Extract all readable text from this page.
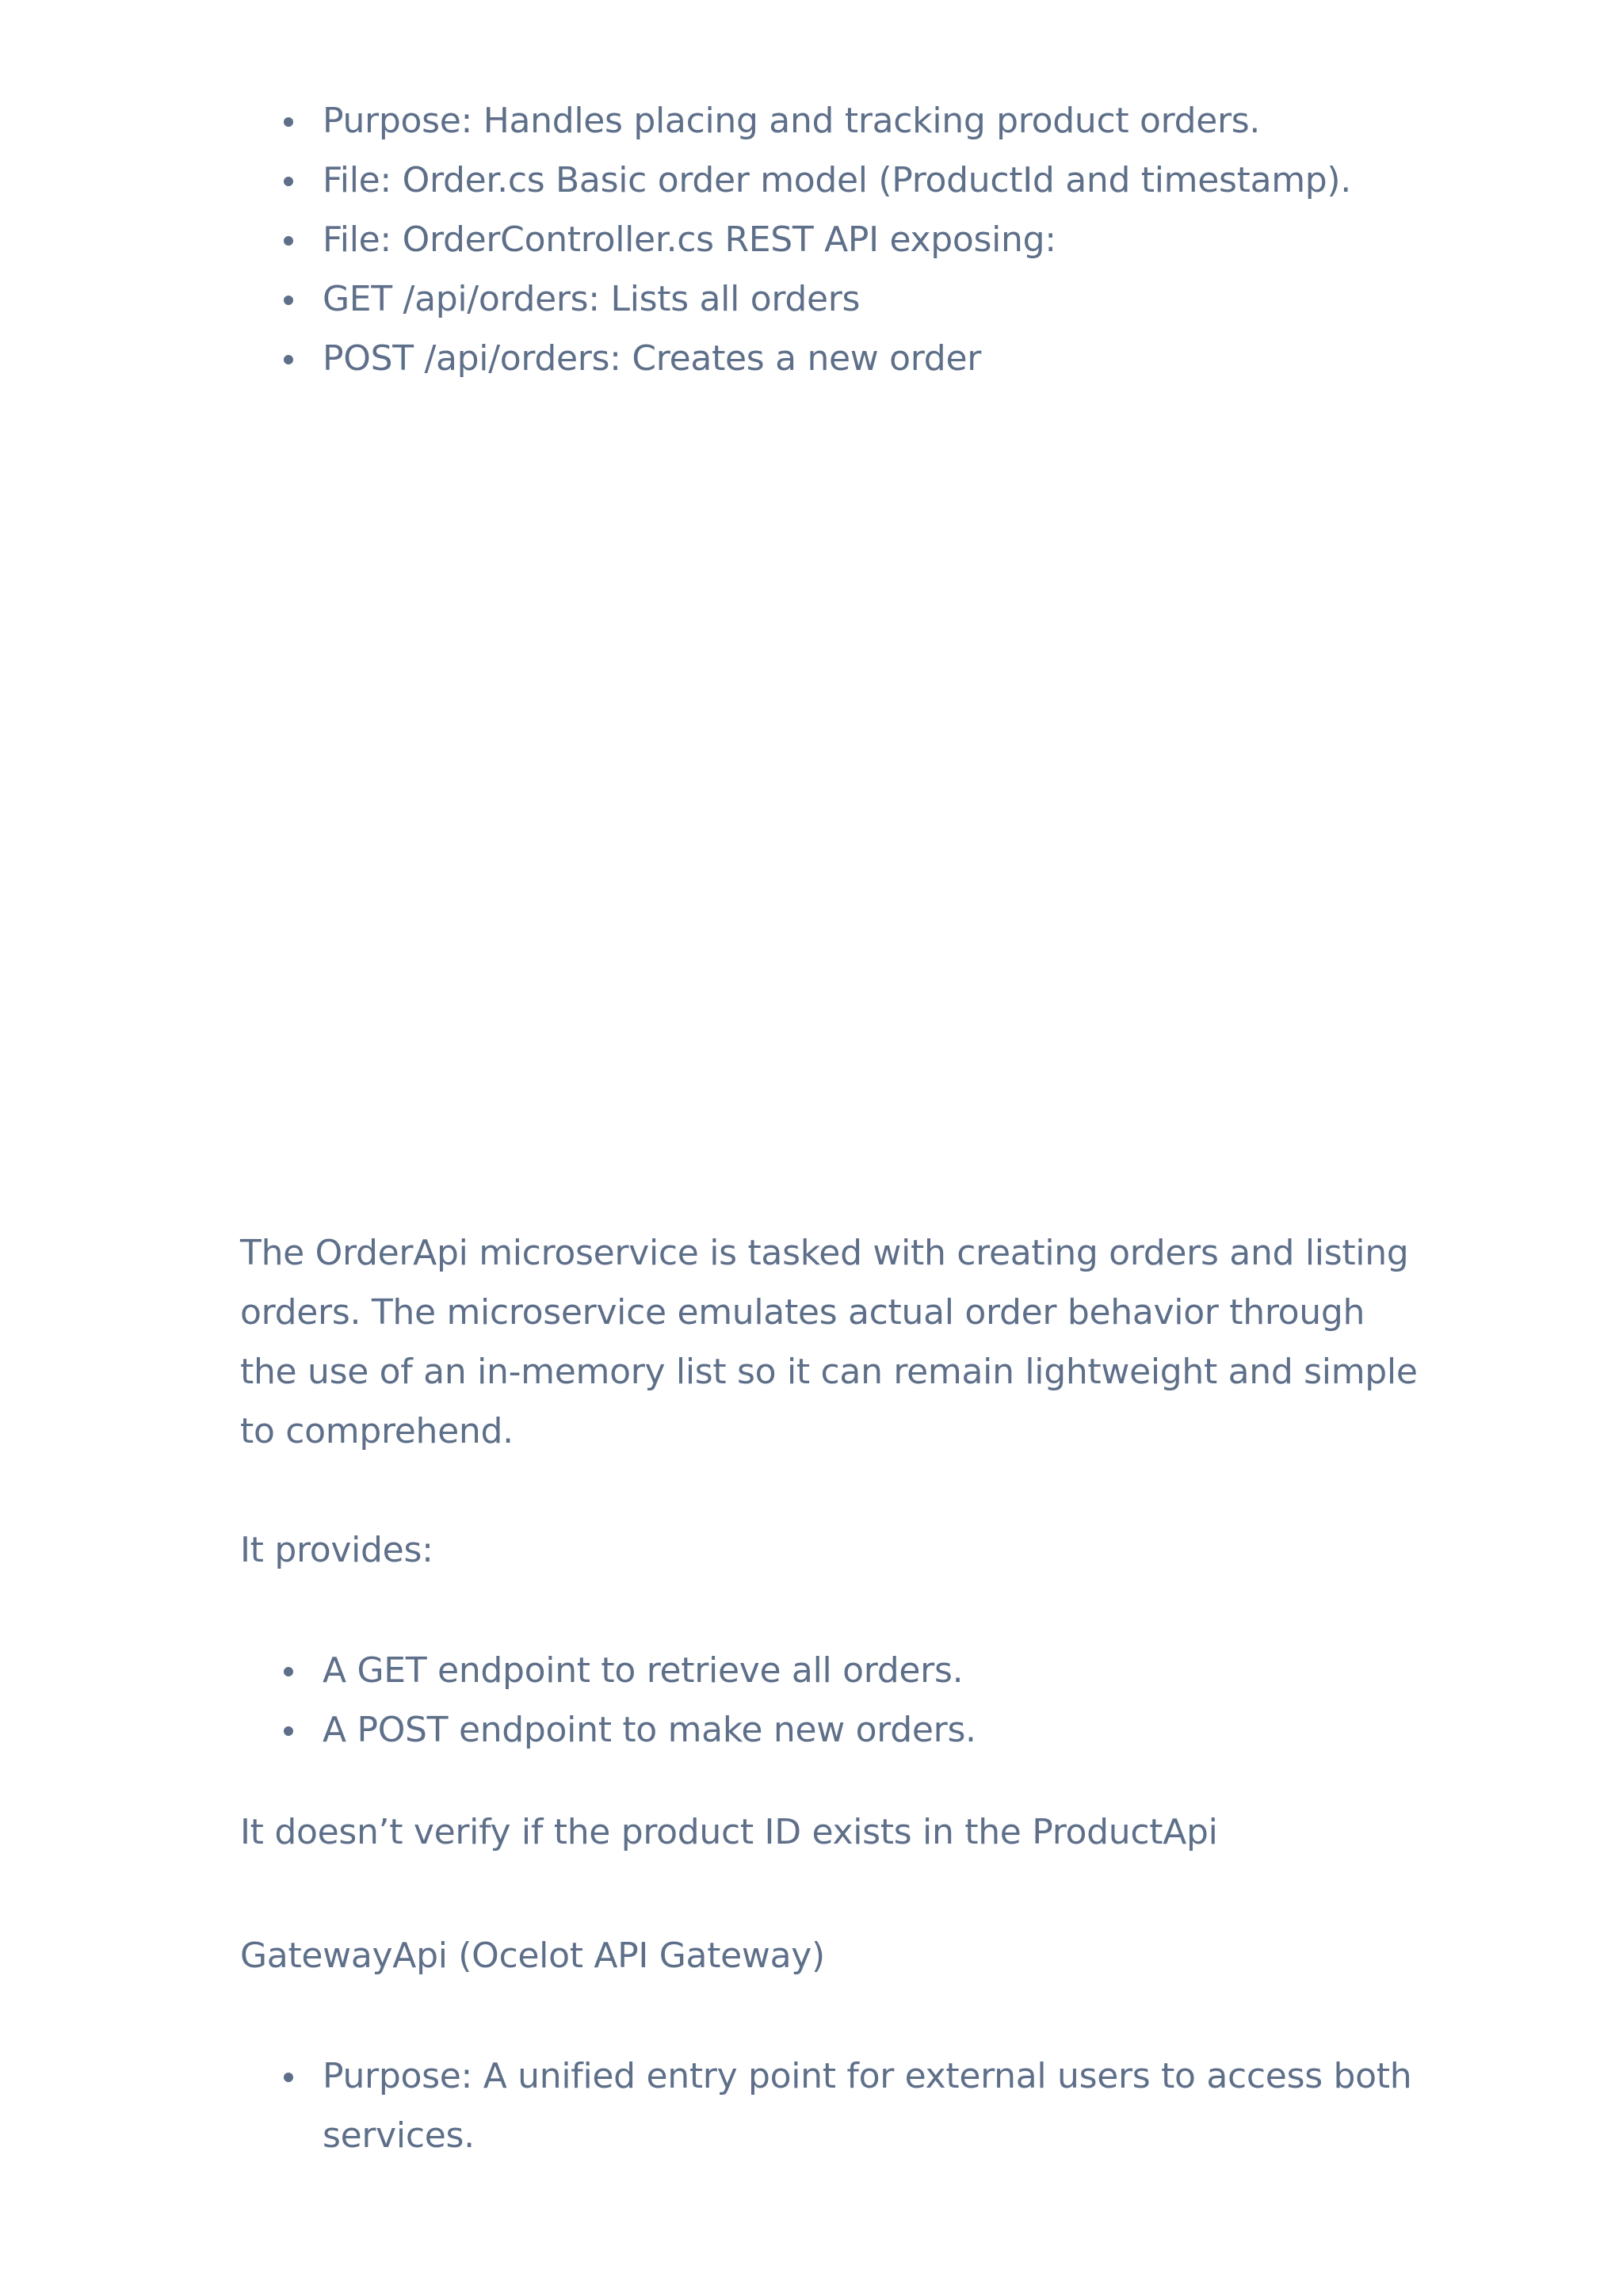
Purpose: Handles placing and tracking product orders.
File: Order.cs Basic order model (ProductId and timestamp).
File: OrderController.cs REST API exposing:
GET /api/orders: Lists all orders
POST /api/orders: Creates a new order

The OrderApi microservice is tasked with creating orders and listing orders. The microservice emulates actual order behavior through the use of an in-memory list so it can remain lightweight and simple to comprehend.

It provides:

A GET endpoint to retrieve all orders.
A POST endpoint to make new orders.

It doesn’t verify if the product ID exists in the ProductApi

GatewayApi (Ocelot API Gateway)

Purpose: A unified entry point for external users to access both services.
